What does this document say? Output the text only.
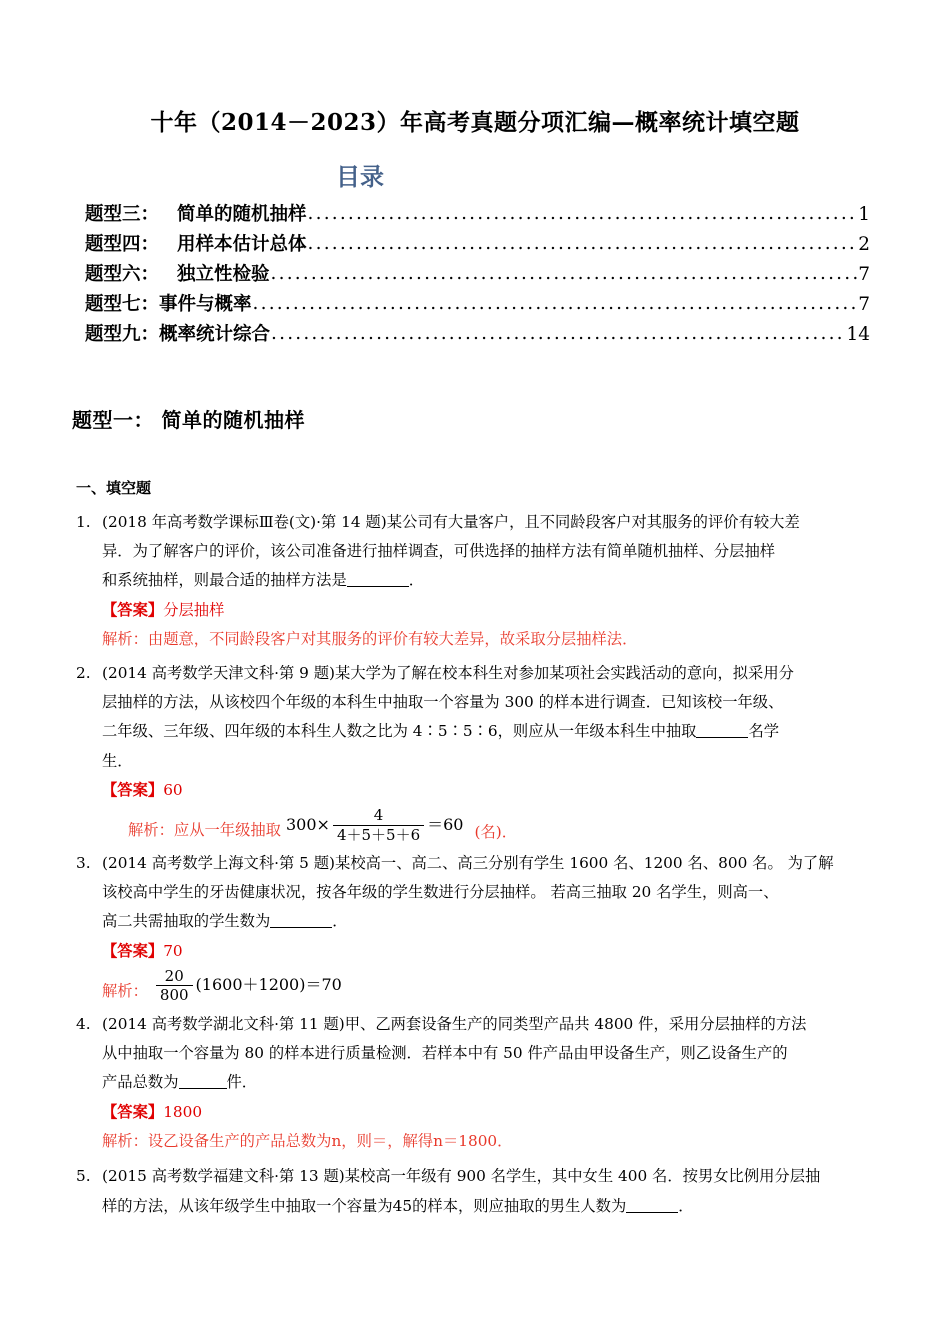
十年（2014－2023）年高考真题分项汇编—概率统计填空题
目录
题型三： 简单的随机抽样 .....	1
题型四： 用样本估计总体 .....	2
题型六： 独立性检验 .....	7
题型七： 事件与概率 .....	7
题型九： 概率统计综合 .....	14
题型一： 简单的随机抽样
一、填空题
1. (2018 年高考数学课标Ⅲ卷(文)·第 14 题)某公司有大量客户，且不同龄段客户对其服务的评价有较大差
异．为了解客户的评价，该公司准备进行抽样调查，可供选择的抽样方法有简单随机抽样、分层抽样
和系统抽样，则最合适的抽样方法是	．
【答案】分层抽样
解析：由题意，不同龄段客户对其服务的评价有较大差异，故采取分层抽样法．
2. (2014 高考数学天津文科·第 9 题)某大学为了解在校本科生对参加某项社会实践活动的意向，拟采用分
层抽样的方法，从该校四个年级的本科生中抽取一个容量为 300 的样本进行调查．已知该校一年级、
二年级、三年级、四年级的本科生人数之比为 4∶5∶5∶6，则应从一年级本科生中抽取	名学
生．
【答案】60
解析：应从一年级抽取 $300\times \frac{4}{4+5+5+6} =60$ (名)．
3. (2014 高考数学上海文科·第 5 题)某校高一、高二、高三分别有学生 1600 名、1200 名、800 名。 为了解
该校高中学生的牙齿健康状况，按各年级的学生数进行分层抽样。 若高三抽取 20 名学生，则高一、
高二共需抽取的学生数为	．
【答案】70
解析： $\frac{20}{800} (1600+1200)=70$
4. (2014 高考数学湖北文科·第 11 题)甲、乙两套设备生产的同类型产品共 4800 件，采用分层抽样的方法
从中抽取一个容量为 80 的样本进行质量检测．若样本中有 50 件产品由甲设备生产，则乙设备生产的
产品总数为	件．
【答案】1800
解析：设乙设备生产的产品总数为n，则＝，解得n＝1800．
5. (2015 高考数学福建文科·第 13 题)某校高一年级有 900 名学生，其中女生 400 名．按男女比例用分层抽
样的方法，从该年级学生中抽取一个容量为45的样本，则应抽取的男生人数为	．
